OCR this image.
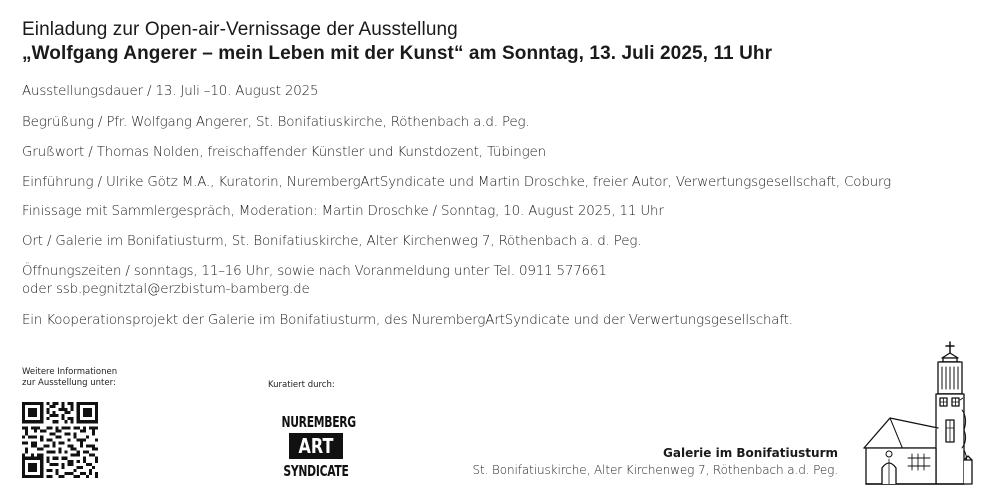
Einladung zur Open-air-Vernissage der Ausstellung
„Wolfgang Angerer – mein Leben mit der Kunst“ am Sonntag, 13. Juli 2025, 11 Uhr
Ausstellungsdauer / 13. Juli –10. August 2025
Begrüßung / Pfr. Wolfgang Angerer, St. Bonifatiuskirche, Röthenbach a.d. Peg.
Grußwort / Thomas Nolden, freischaffender Künstler und Kunstdozent, Tübingen
Einführung / Ulrike Götz M.A., Kuratorin, NurembergArtSyndicate und Martin Droschke, freier Autor, Verwertungsgesellschaft, Coburg
Finissage mit Sammlergespräch, Moderation: Martin Droschke / Sonntag, 10. August 2025, 11 Uhr
Ort / Galerie im Bonifatiusturm, St. Bonifatiuskirche, Alter Kirchenweg 7, Röthenbach a. d. Peg.
Öffnungszeiten / sonntags, 11–16 Uhr, sowie nach Voranmeldung unter Tel. 0911 577661
oder ssb.pegnitztal@erzbistum-bamberg.de
Ein Kooperationsprojekt der Galerie im Bonifatiusturm, des NurembergArtSyndicate und der Verwertungsgesellschaft.
Weitere Informationen
zur Ausstellung unter:	Kuratiert durch:
NUREMBERG
ART
SYNDICATE
Galerie im Bonifatiusturm
St. Bonifatiuskirche, Alter Kirchenweg 7, Röthenbach a.d. Peg.
